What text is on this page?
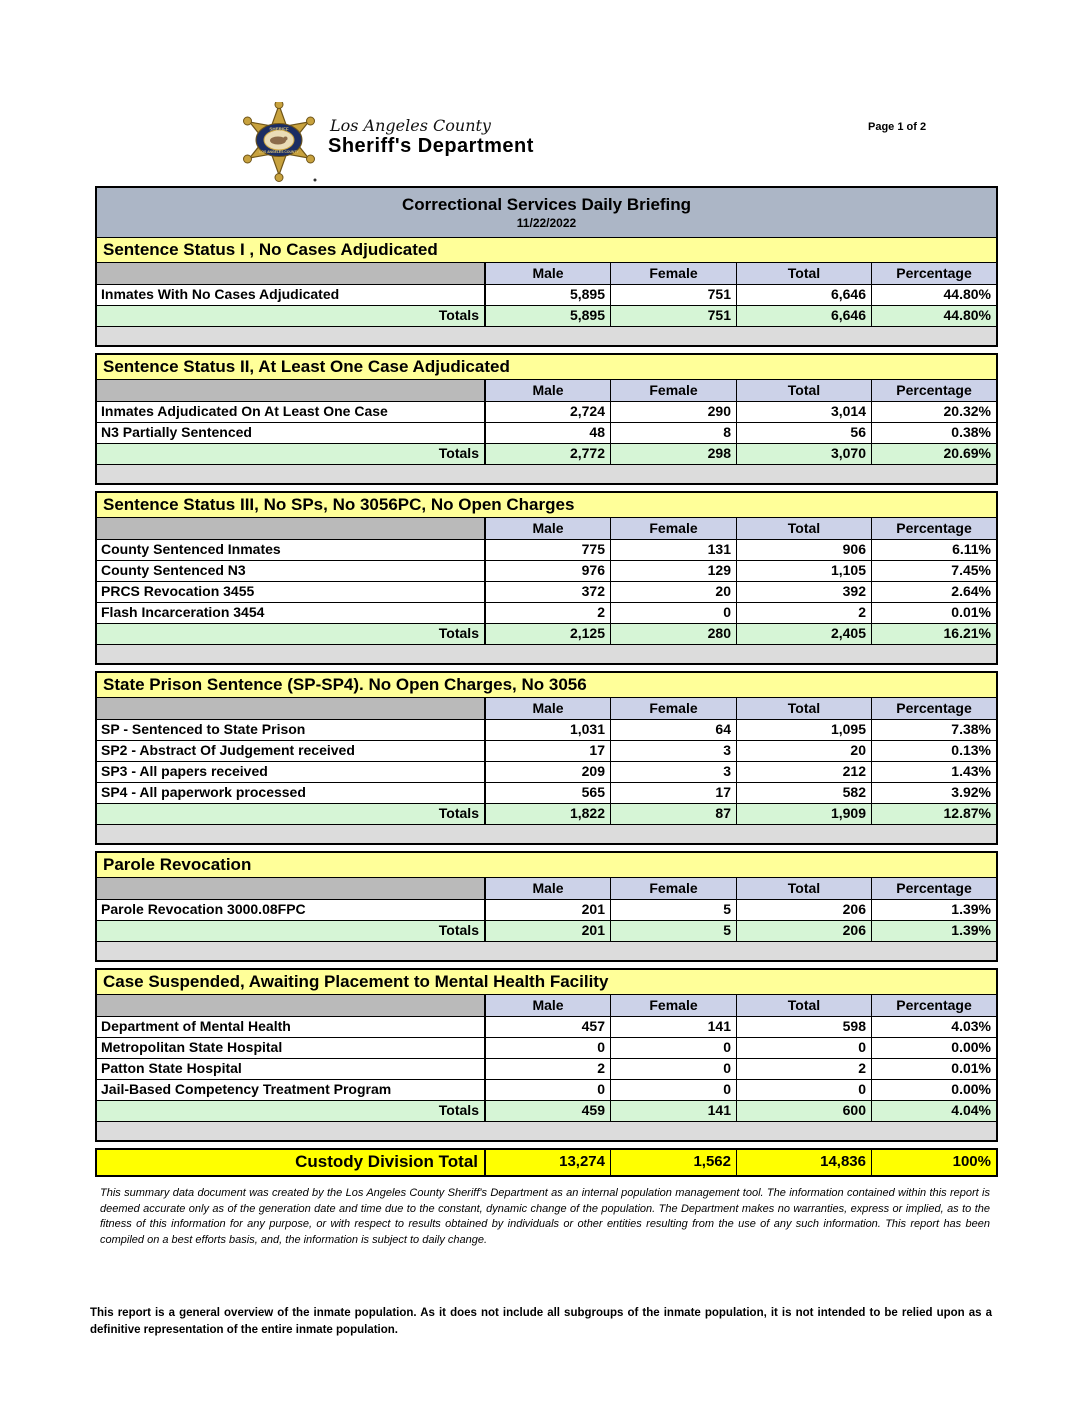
SHERIFF
LOS ANGELES COUNTY
Los Angeles County
Sheriff's Department
Page 1 of 2
Correctional Services Daily Briefing
11/22/2022
Sentence Status I , No Cases Adjudicated
Male	Female	Total	Percentage
Inmates With No Cases Adjudicated	5,895	751	6,646	44.80%
Totals	5,895	751	6,646	44.80%
Sentence Status II, At Least One Case Adjudicated
Male	Female	Total	Percentage
Inmates Adjudicated On At Least One Case	2,724	290	3,014	20.32%
N3 Partially Sentenced	48	8	56	0.38%
Totals	2,772	298	3,070	20.69%
Sentence Status III, No SPs, No 3056PC, No Open Charges
Male	Female	Total	Percentage
County Sentenced Inmates	775	131	906	6.11%
County Sentenced N3	976	129	1,105	7.45%
PRCS Revocation 3455	372	20	392	2.64%
Flash Incarceration 3454	2	0	2	0.01%
Totals	2,125	280	2,405	16.21%
State Prison Sentence (SP-SP4). No Open Charges, No 3056
Male	Female	Total	Percentage
SP - Sentenced to State Prison	1,031	64	1,095	7.38%
SP2 - Abstract Of Judgement received	17	3	20	0.13%
SP3 - All papers received	209	3	212	1.43%
SP4 - All paperwork processed	565	17	582	3.92%
Totals	1,822	87	1,909	12.87%
Parole Revocation
Male	Female	Total	Percentage
Parole Revocation 3000.08FPC	201	5	206	1.39%
Totals	201	5	206	1.39%
Case Suspended, Awaiting Placement to Mental Health Facility
Male	Female	Total	Percentage
Department of Mental Health	457	141	598	4.03%
Metropolitan State Hospital	0	0	0	0.00%
Patton State Hospital	2	0	2	0.01%
Jail-Based Competency Treatment Program	0	0	0	0.00%
Totals	459	141	600	4.04%
Custody Division Total	13,274	1,562	14,836	100%
This summary data document was created by the Los Angeles County Sheriff's Department as an internal population management tool. The information contained within this report is deemed accurate only as of the generation date and time due to the constant, dynamic change of the population. The Department makes no warranties, express or implied, as to the fitness of this information for any purpose, or with respect to results obtained by individuals or other entities resulting from the use of any such information. This report has been compiled on a best efforts basis, and, the information is subject to daily change.
This report is a general overview of the inmate population. As it does not include all subgroups of the inmate population, it is not intended to be relied upon as a definitive representation of the entire inmate population.
